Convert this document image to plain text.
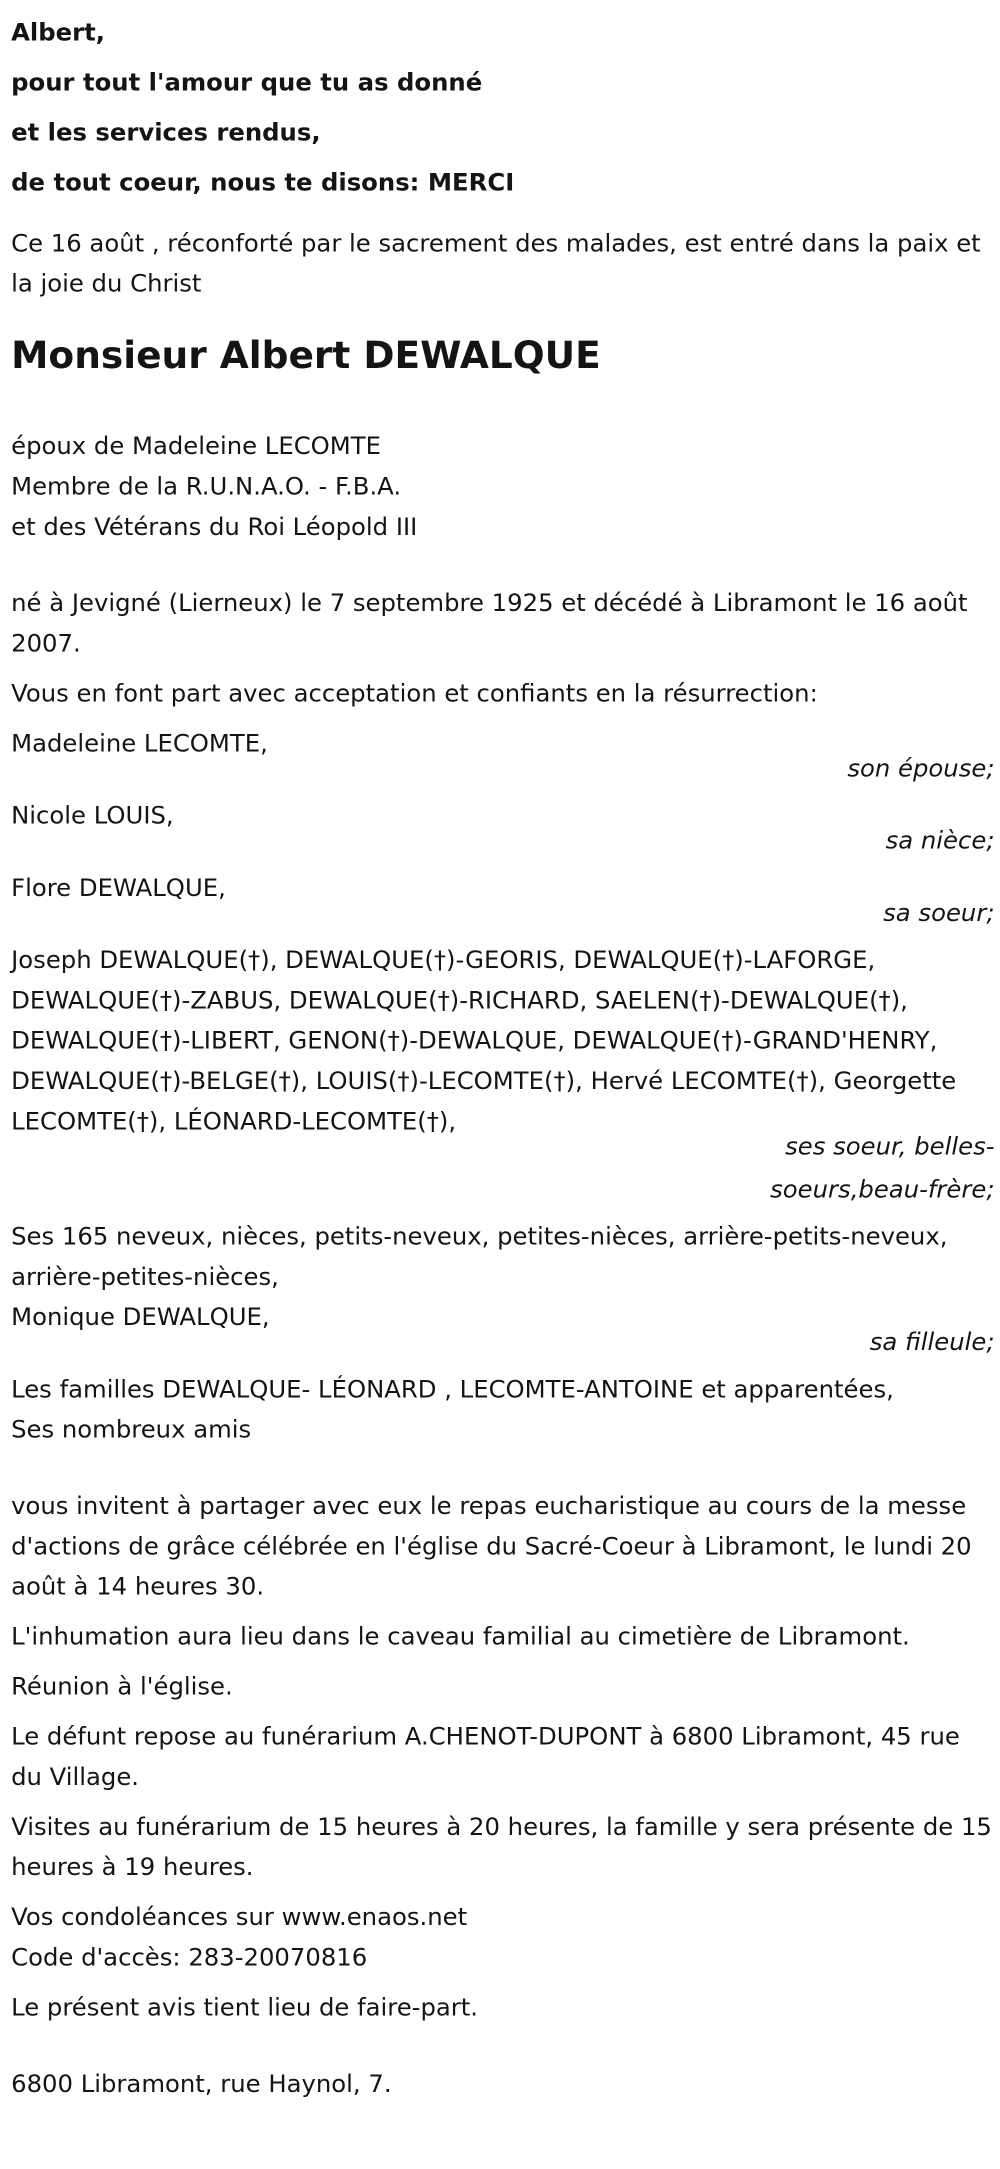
Albert,
pour tout l'amour que tu as donné
et les services rendus,
de tout coeur, nous te disons: MERCI
Ce 16 août , réconforté par le sacrement des malades, est entré dans la paix et la joie du Christ
Monsieur Albert DEWALQUE
époux de Madeleine LECOMTE
Membre de la R.U.N.A.O. - F.B.A.
et des Vétérans du Roi Léopold III
né à Jevigné (Lierneux) le 7 septembre 1925 et décédé à Libramont le 16 août 2007.
Vous en font part avec acceptation et confiants en la résurrection:
Madeleine LECOMTE,
son épouse;
Nicole LOUIS,
sa nièce;
Flore DEWALQUE,
sa soeur;
Joseph DEWALQUE(†), DEWALQUE(†)-GEORIS, DEWALQUE(†)-LAFORGE, DEWALQUE(†)-ZABUS, DEWALQUE(†)-RICHARD, SAELEN(†)-DEWALQUE(†), DEWALQUE(†)-LIBERT, GENON(†)-DEWALQUE, DEWALQUE(†)-GRAND'HENRY, DEWALQUE(†)-BELGE(†), LOUIS(†)-LECOMTE(†), Hervé LECOMTE(†), Georgette LECOMTE(†), LÉONARD-LECOMTE(†),
ses soeur, belles-soeurs,beau-frère;
Ses 165 neveux, nièces, petits-neveux, petites-nièces, arrière-petits-neveux, arrière-petites-nièces,
Monique DEWALQUE,
sa filleule;
Les familles DEWALQUE- LÉONARD , LECOMTE-ANTOINE et apparentées,
Ses nombreux amis
vous invitent à partager avec eux le repas eucharistique au cours de la messe d'actions de grâce célébrée en l'église du Sacré-Coeur à Libramont, le lundi 20 août à 14 heures 30.
L'inhumation aura lieu dans le caveau familial au cimetière de Libramont.
Réunion à l'église.
Le défunt repose au funérarium A.CHENOT-DUPONT à 6800 Libramont, 45 rue du Village.
Visites au funérarium de 15 heures à 20 heures, la famille y sera présente de 15 heures à 19 heures.
Vos condoléances sur www.enaos.net
Code d'accès: 283-20070816
Le présent avis tient lieu de faire-part.
6800 Libramont, rue Haynol, 7.
